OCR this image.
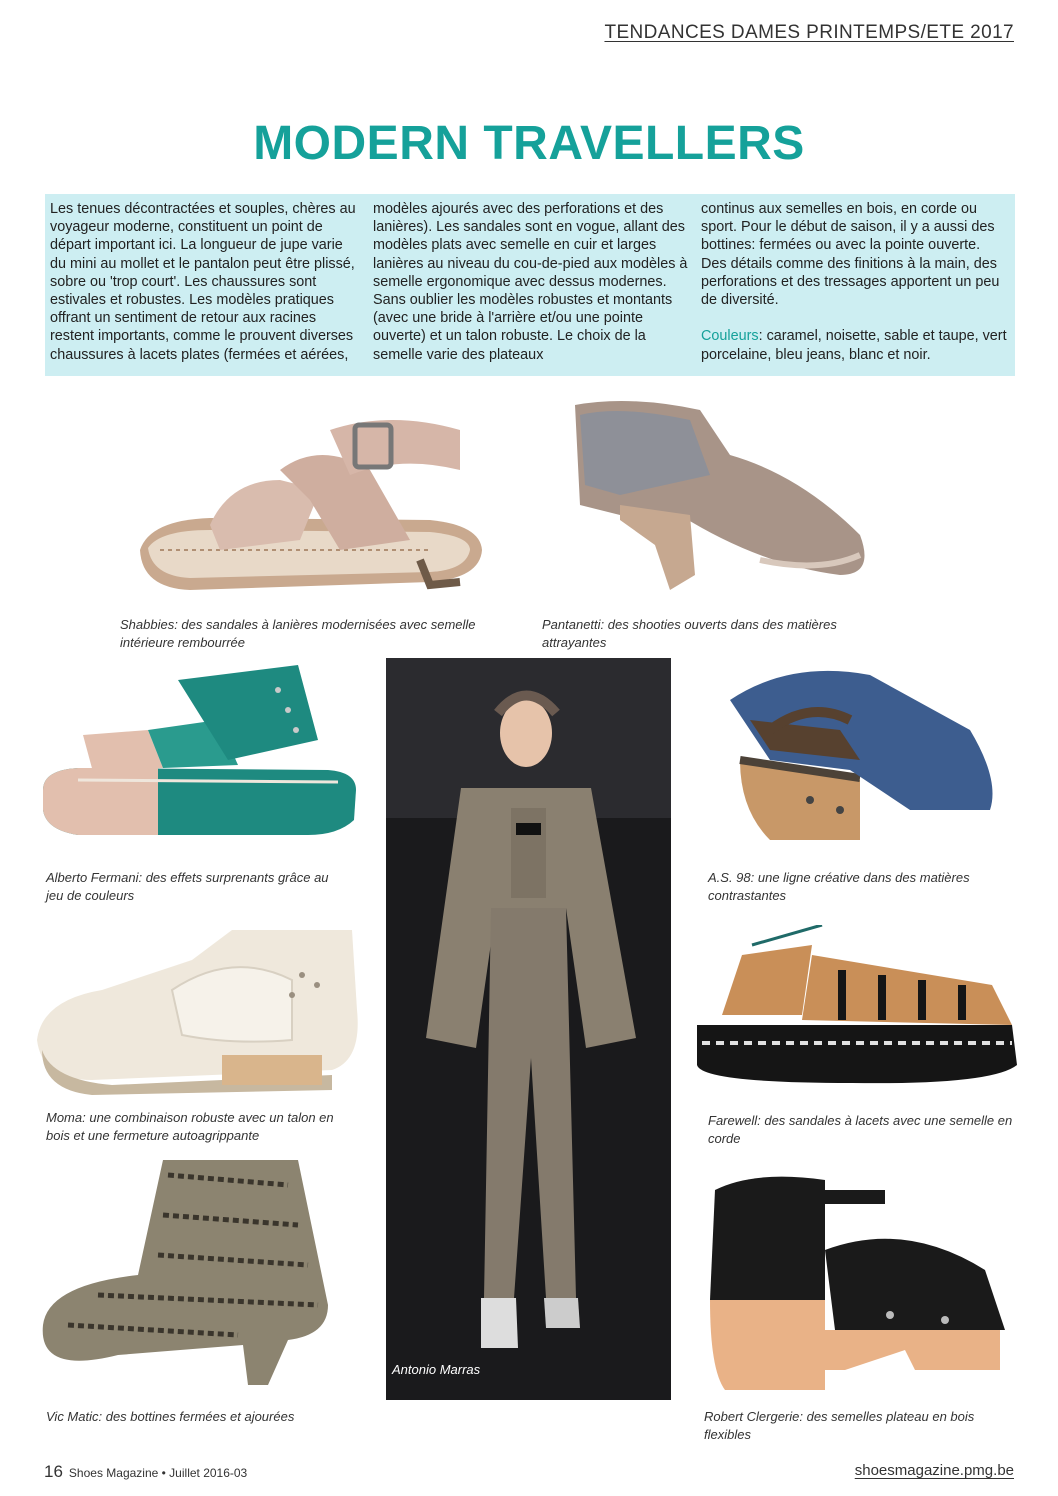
TENDANCES DAMES PRINTEMPS/ETE 2017
MODERN TRAVELLERS
Les tenues décontractées et souples, chères au voyageur moderne, constituent un point de départ important ici. La longueur de jupe varie du mini au mollet et le pantalon peut être plissé, sobre ou 'trop court'. Les chaussures sont estivales et robustes. Les modèles pratiques offrant un sentiment de retour aux racines restent importants, comme le prouvent diverses chaussures à lacets plates (fermées et aérées,
modèles ajourés avec des perforations et des lanières). Les sandales sont en vogue, allant des modèles plats avec semelle en cuir et larges lanières au niveau du cou-de-pied aux modèles à semelle ergonomique avec dessus modernes. Sans oublier les modèles robustes et montants (avec une bride à l'arrière et/ou une pointe ouverte) et un talon robuste. Le choix de la semelle varie des plateaux
continus aux semelles en bois, en corde ou sport. Pour le début de saison, il y a aussi des bottines: fermées ou avec la pointe ouverte. Des détails comme des finitions à la main, des perforations et des tressages apportent un peu de diversité.

Couleurs: caramel, noisette, sable et taupe, vert porcelaine, bleu jeans, blanc et noir.
Shabbies: des sandales à lanières modernisées avec semelle intérieure rembourrée
Pantanetti: des shooties ouverts dans des matières attrayantes
Alberto Fermani: des effets surprenants grâce au jeu de couleurs
Antonio Marras
A.S. 98: une ligne créative dans des matières contrastantes
Moma: une combinaison robuste avec un talon en bois et une fermeture autoagrippante
Farewell: des sandales à lacets avec une semelle en corde
Vic Matic: des bottines fermées et ajourées	Robert Clergerie: des semelles plateau en bois flexibles
16 Shoes Magazine • Juillet 2016-03	shoesmagazine.pmg.be
